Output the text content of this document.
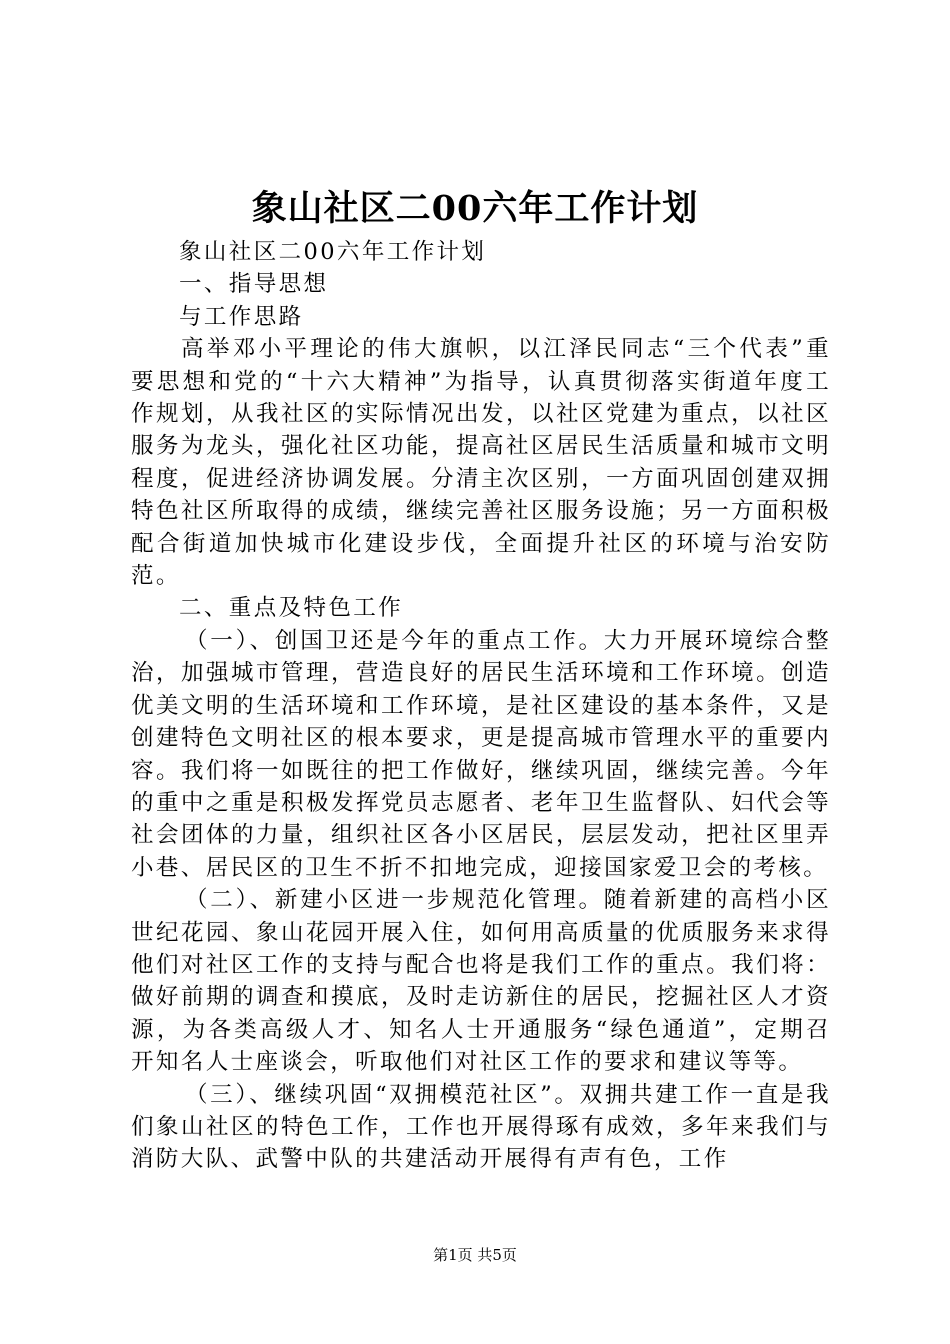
象山社区二00六年工作计划

象山社区二00六年工作计划

一、指导思想

与工作思路

高举邓小平理论的伟大旗帜，以江泽民同志“三个代表”重要思想和党的“十六大精神”为指导，认真贯彻落实街道年度工作规划，从我社区的实际情况出发，以社区党建为重点，以社区服务为龙头，强化社区功能，提高社区居民生活质量和城市文明程度，促进经济协调发展。分清主次区别，一方面巩固创建双拥特色社区所取得的成绩，继续完善社区服务设施；另一方面积极配合街道加快城市化建设步伐，全面提升社区的环境与治安防范。

二、重点及特色工作

（一）、创国卫还是今年的重点工作。大力开展环境综合整治，加强城市管理，营造良好的居民生活环境和工作环境。创造优美文明的生活环境和工作环境，是社区建设的基本条件，又是创建特色文明社区的根本要求，更是提高城市管理水平的重要内容。我们将一如既往的把工作做好，继续巩固，继续完善。今年的重中之重是积极发挥党员志愿者、老年卫生监督队、妇代会等社会团体的力量，组织社区各小区居民，层层发动，把社区里弄小巷、居民区的卫生不折不扣地完成，迎接国家爱卫会的考核。

（二）、新建小区进一步规范化管理。随着新建的高档小区世纪花园、象山花园开展入住，如何用高质量的优质服务来求得他们对社区工作的支持与配合也将是我们工作的重点。我们将：做好前期的调查和摸底，及时走访新住的居民，挖掘社区人才资源，为各类高级人才、知名人士开通服务“绿色通道”，定期召开知名人士座谈会，听取他们对社区工作的要求和建议等等。

（三）、继续巩固“双拥模范社区”。双拥共建工作一直是我们象山社区的特色工作，工作也开展得琢有成效，多年来我们与消防大队、武警中队的共建活动开展得有声有色，工作

第1页 共5页
